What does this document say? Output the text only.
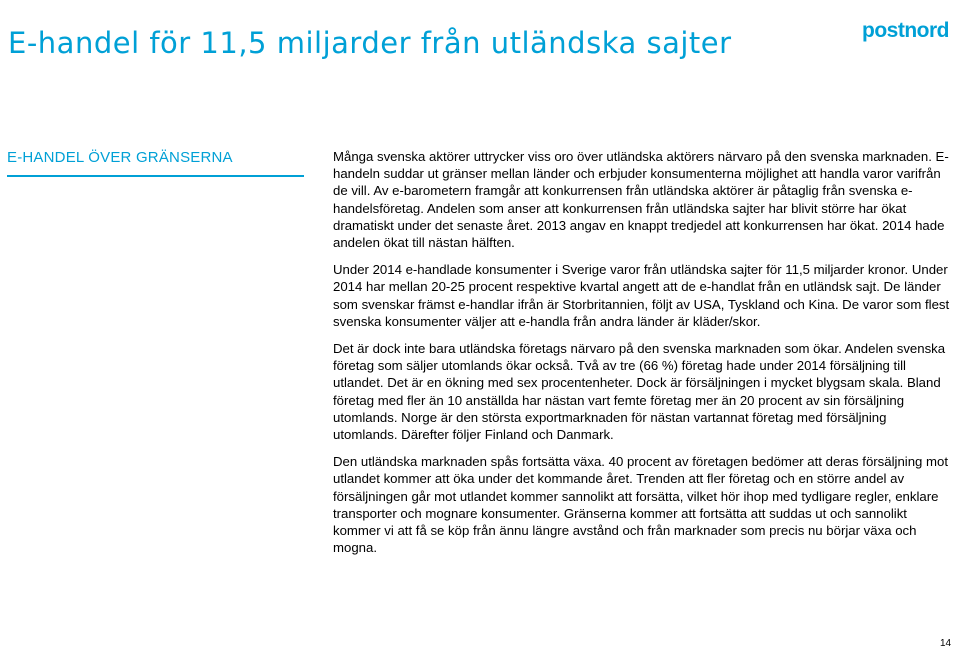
E-handel för 11,5 miljarder från utländska sajter	postnord
E-HANDEL ÖVER GRÄNSERNA	Många svenska aktörer uttrycker viss oro över utländska aktörers närvaro på den svenska marknaden. E-handeln suddar ut gränser mellan länder och erbjuder konsumenterna möjlighet att handla varor varifrån de vill. Av e-barometern framgår att konkurrensen från utländska aktörer är påtaglig från svenska e-handelsföretag. Andelen som anser att konkurrensen från utländska sajter har blivit större har ökat dramatiskt under det senaste året. 2013 angav en knappt tredjedel att konkurrensen har ökat. 2014 hade andelen ökat till nästan hälften.

Under 2014 e-handlade konsumenter i Sverige varor från utländska sajter för 11,5 miljarder kronor. Under 2014 har mellan 20-25 procent respektive kvartal angett att de e-handlat från en utländsk sajt. De länder som svenskar främst e-handlar ifrån är Storbritannien, följt av USA, Tyskland och Kina. De varor som flest svenska konsumenter väljer att e-handla från andra länder är kläder/skor.

Det är dock inte bara utländska företags närvaro på den svenska marknaden som ökar. Andelen svenska företag som säljer utomlands ökar också. Två av tre (66 %) företag hade under 2014 försäljning till utlandet. Det är en ökning med sex procentenheter. Dock är försäljningen i mycket blygsam skala. Bland företag med fler än 10 anställda har nästan vart femte företag mer än 20 procent av sin försäljning utomlands. Norge är den största exportmarknaden för nästan vartannat företag med försäljning utomlands. Därefter följer Finland och Danmark.

Den utländska marknaden spås fortsätta växa. 40 procent av företagen bedömer att deras försäljning mot utlandet kommer att öka under det kommande året. Trenden att fler företag och en större andel av försäljningen går mot utlandet kommer sannolikt att forsätta, vilket hör ihop med tydligare regler, enklare transporter och mognare konsumenter. Gränserna kommer att fortsätta att suddas ut och sannolikt kommer vi att få se köp från ännu längre avstånd och från marknader som precis nu börjar växa och mogna.

14
